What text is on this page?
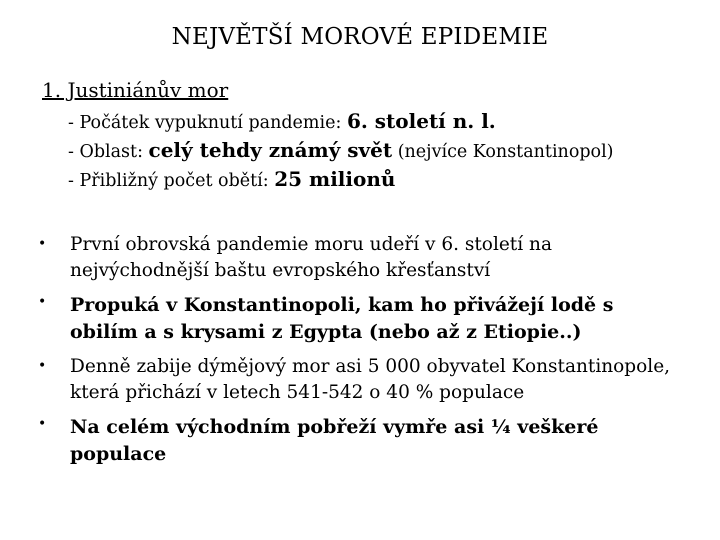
NEJVĚTŠÍ MOROVÉ EPIDEMIE
1. Justiniánův mor
- Počátek vypuknutí pandemie: 6. století n. l.
- Oblast: celý tehdy známý svět (nejvíce Konstantinopol)
- Přibližný počet obětí: 25 milionů
• První obrovská pandemie moru udeří v 6. století na nejvýchodnější baštu evropského křesťanství
• Propuká v Konstantinopoli, kam ho přivážejí lodě s obilím a s krysami z Egypta (nebo až z Etiopie..)
• Denně zabije dýmějový mor asi 5 000 obyvatel Konstantinopole, která přichází v letech 541-542 o 40 % populace
• Na celém východním pobřeží vymře asi ¼ veškeré populace
